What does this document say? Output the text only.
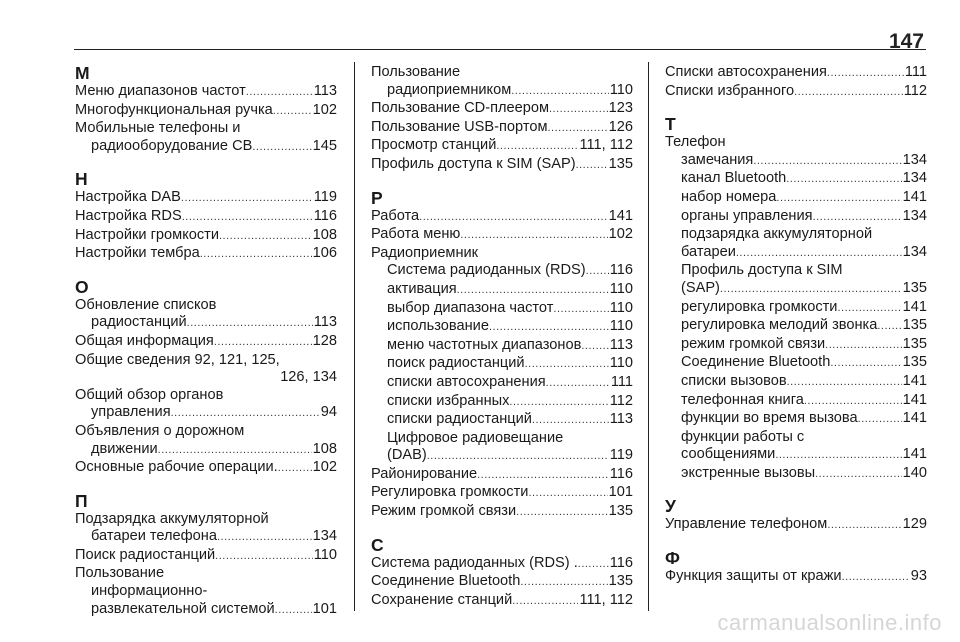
147
М
Меню диапазонов частот .....	113
Многофункциональная ручка .....	102
Мобильные телефоны и
радиооборудование СВ .....	145
Н
Настройка DAB .....	119
Настройка RDS .....	116
Настройки громкости .....	108
Настройки тембра .....	106
О
Обновление списков
радиостанций .....	113
Общая информация .....	128
Общие сведения 92, 121, 125,
126, 134
Общий обзор органов
управления .....	94
Объявления о дорожном
движении .....	108
Основные рабочие операции. ..... 102
П
Подзарядка аккумуляторной
батареи телефона .....	134
Поиск радиостанций .....	110
Пользование
информационно-
развлекательной системой .....	101
Пользование
радиоприемником .....	110
Пользование CD-плеером .....	123
Пользование USB-портом .....	126
Просмотр станций .....	111, 112
Профиль доступа к SIM (SAP) ..... 135
Р
Работа .....	141
Работа меню .....	102
Радиоприемник
Система радиоданных (RDS) ..... 116
активация .....	110
выбор диапазона частот .....	110
использование .....	110
меню частотных диапазонов ..... 113
поиск радиостанций .....	110
списки автосохранения .....	111
списки избранных .....	112
списки радиостанций .....	113
Цифровое радиовещание
(DAB) .....	119
Районирование .....	116
Регулировка громкости .....	101
Режим громкой связи .....	135
С
Система радиоданных (RDS) . ..... 116
Соединение Bluetooth .....	135
Сохранение станций .....	111, 112
Списки автосохранения .....	111
Списки избранного .....	112
Т
Телефон
замечания .....	134
канал Bluetooth .....	134
набор номера .....	141
органы управления .....	134
подзарядка аккумуляторной
батареи .....	134
Профиль доступа к SIM
(SAP) .....	135
регулировка громкости .....	141
регулировка мелодий звонка ..... 135
режим громкой связи .....	135
Соединение Bluetooth .....	135
списки вызовов .....	141
телефонная книга .....	141
функции во время вызова .....	141
функции работы с
сообщениями .....	141
экстренные вызовы .....	140
У
Управление телефоном .....	129
Ф
Функция защиты от кражи .....	93
carmanualsonline.info
